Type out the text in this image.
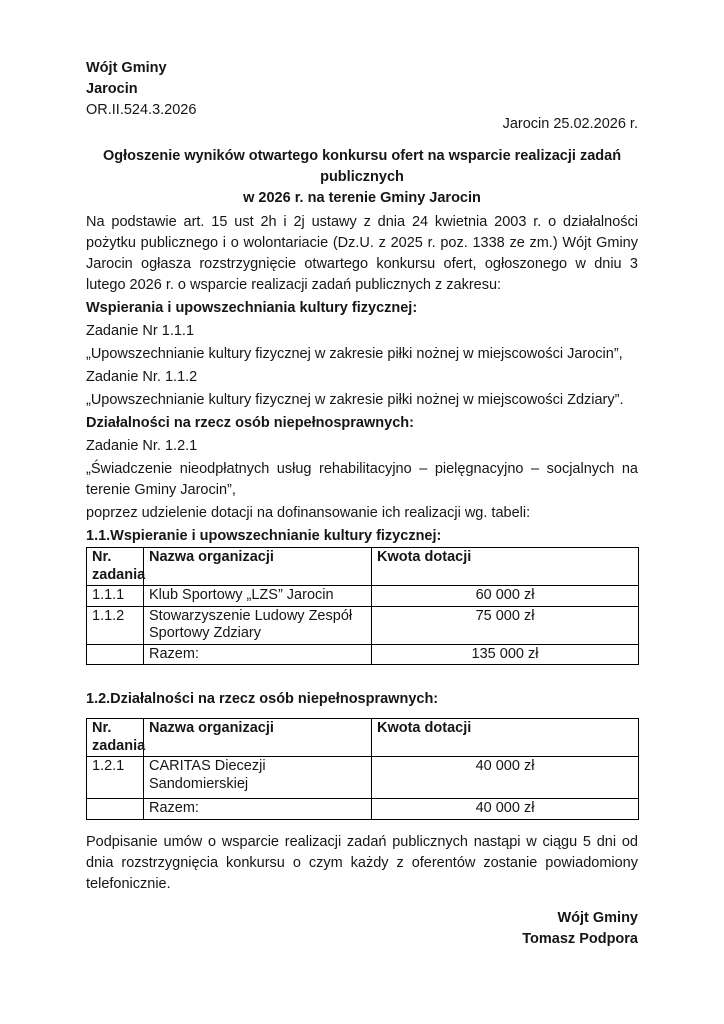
Wójt Gminy

Jarocin

OR.II.524.3.2026

Jarocin 25.02.2026 r.

Ogłoszenie wyników otwartego konkursu ofert na wsparcie realizacji zadań publicznych

w 2026 r. na terenie Gminy Jarocin

Na podstawie art. 15 ust 2h i 2j ustawy z dnia 24 kwietnia 2003 r. o działalności pożytku publicznego i o wolontariacie (Dz.U. z 2025 r. poz. 1338 ze zm.) Wójt Gminy Jarocin ogłasza rozstrzygnięcie otwartego konkursu ofert, ogłoszonego w dniu 3 lutego 2026 r. o wsparcie realizacji zadań publicznych z zakresu:

Wspierania i upowszechniania kultury fizycznej:

Zadanie Nr 1.1.1

„Upowszechnianie kultury fizycznej w zakresie piłki nożnej w miejscowości Jarocin”,

Zadanie Nr. 1.1.2

„Upowszechnianie kultury fizycznej w zakresie piłki nożnej w miejscowości Zdziary”.

Działalności na rzecz osób niepełnosprawnych:

Zadanie Nr. 1.2.1

„Świadczenie nieodpłatnych usług rehabilitacyjno – pielęgnacyjno – socjalnych na terenie Gminy Jarocin”,

poprzez udzielenie dotacji na dofinansowanie ich realizacji wg. tabeli:

1.1.Wspieranie i upowszechnianie kultury fizycznej:

Nr. zadania	Nazwa organizacji	Kwota dotacji
1.1.1	Klub Sportowy „LZS” Jarocin	60 000 zł
1.1.2	Stowarzyszenie Ludowy Zespół Sportowy Zdziary	75 000 zł
	Razem:	135 000 zł

1.2.Działalności na rzecz osób niepełnosprawnych:

Nr. zadania	Nazwa organizacji	Kwota dotacji
1.2.1	CARITAS Diecezji Sandomierskiej	40 000 zł
	Razem:	40 000 zł

Podpisanie umów o wsparcie realizacji zadań publicznych nastąpi w ciągu 5 dni od dnia rozstrzygnięcia konkursu o czym każdy z oferentów zostanie powiadomiony telefonicznie.

Wójt Gminy

Tomasz Podpora
